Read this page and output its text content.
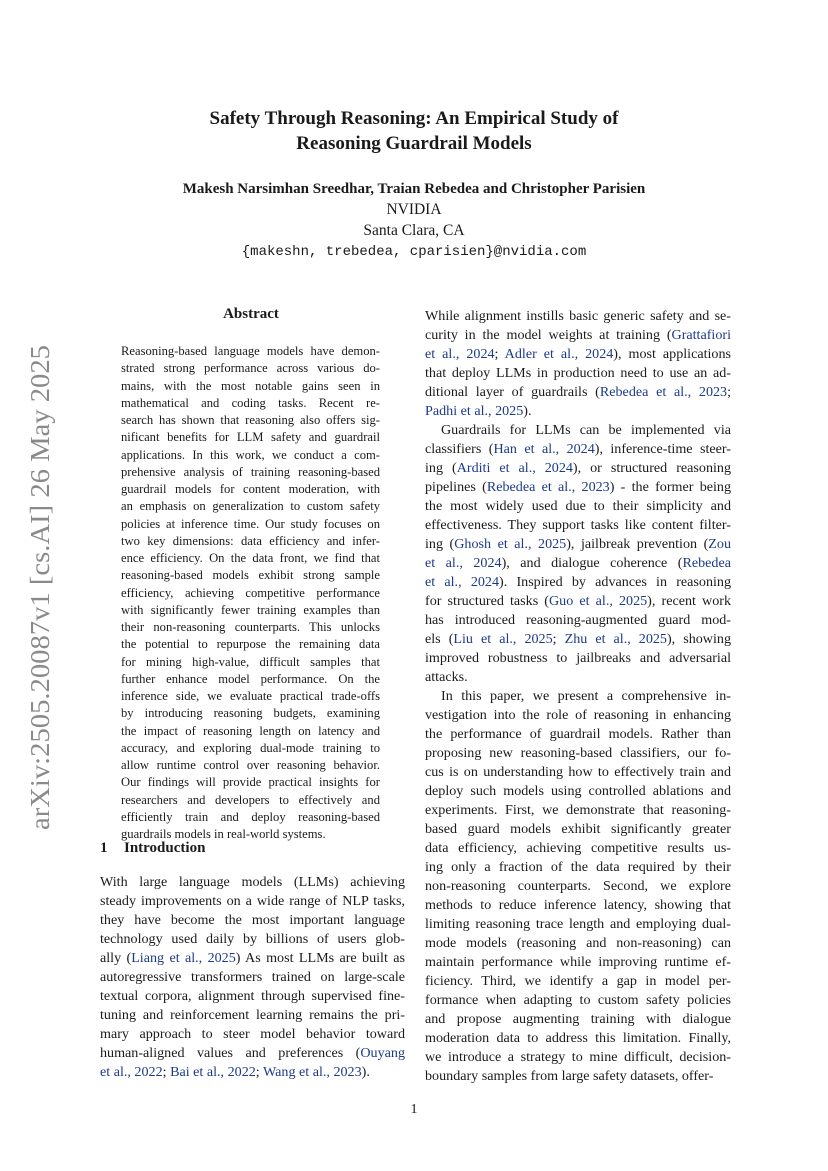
arXiv:2505.20087v1 [cs.AI] 26 May 2025
Safety Through Reasoning: An Empirical Study of
Reasoning Guardrail Models
Makesh Narsimhan Sreedhar, Traian Rebedea and Christopher Parisien
NVIDIA
Santa Clara, CA
{makeshn, trebedea, cparisien}@nvidia.com
Abstract
Reasoning-based language models have demon-
strated strong performance across various do-
mains, with the most notable gains seen in
mathematical and coding tasks. Recent re-
search has shown that reasoning also offers sig-
nificant benefits for LLM safety and guardrail
applications. In this work, we conduct a com-
prehensive analysis of training reasoning-based
guardrail models for content moderation, with
an emphasis on generalization to custom safety
policies at inference time. Our study focuses on
two key dimensions: data efficiency and infer-
ence efficiency. On the data front, we find that
reasoning-based models exhibit strong sample
efficiency, achieving competitive performance
with significantly fewer training examples than
their non-reasoning counterparts. This unlocks
the potential to repurpose the remaining data
for mining high-value, difficult samples that
further enhance model performance. On the
inference side, we evaluate practical trade-offs
by introducing reasoning budgets, examining
the impact of reasoning length on latency and
accuracy, and exploring dual-mode training to
allow runtime control over reasoning behavior.
Our findings will provide practical insights for
researchers and developers to effectively and
efficiently train and deploy reasoning-based
guardrails models in real-world systems.
1 Introduction
With large language models (LLMs) achieving
steady improvements on a wide range of NLP tasks,
they have become the most important language
technology used daily by billions of users glob-
ally (Liang et al., 2025) As most LLMs are built as
autoregressive transformers trained on large-scale
textual corpora, alignment through supervised fine-
tuning and reinforcement learning remains the pri-
mary approach to steer model behavior toward
human-aligned values and preferences (Ouyang
et al., 2022; Bai et al., 2022; Wang et al., 2023).
While alignment instills basic generic safety and se-
curity in the model weights at training (Grattafiori
et al., 2024; Adler et al., 2024), most applications
that deploy LLMs in production need to use an ad-
ditional layer of guardrails (Rebedea et al., 2023;
Padhi et al., 2025).
Guardrails for LLMs can be implemented via
classifiers (Han et al., 2024), inference-time steer-
ing (Arditi et al., 2024), or structured reasoning
pipelines (Rebedea et al., 2023) - the former being
the most widely used due to their simplicity and
effectiveness. They support tasks like content filter-
ing (Ghosh et al., 2025), jailbreak prevention (Zou
et al., 2024), and dialogue coherence (Rebedea
et al., 2024). Inspired by advances in reasoning
for structured tasks (Guo et al., 2025), recent work
has introduced reasoning-augmented guard mod-
els (Liu et al., 2025; Zhu et al., 2025), showing
improved robustness to jailbreaks and adversarial
attacks.
In this paper, we present a comprehensive in-
vestigation into the role of reasoning in enhancing
the performance of guardrail models. Rather than
proposing new reasoning-based classifiers, our fo-
cus is on understanding how to effectively train and
deploy such models using controlled ablations and
experiments. First, we demonstrate that reasoning-
based guard models exhibit significantly greater
data efficiency, achieving competitive results us-
ing only a fraction of the data required by their
non-reasoning counterparts. Second, we explore
methods to reduce inference latency, showing that
limiting reasoning trace length and employing dual-
mode models (reasoning and non-reasoning) can
maintain performance while improving runtime ef-
ficiency. Third, we identify a gap in model per-
formance when adapting to custom safety policies
and propose augmenting training with dialogue
moderation data to address this limitation. Finally,
we introduce a strategy to mine difficult, decision-
boundary samples from large safety datasets, offer-
1
